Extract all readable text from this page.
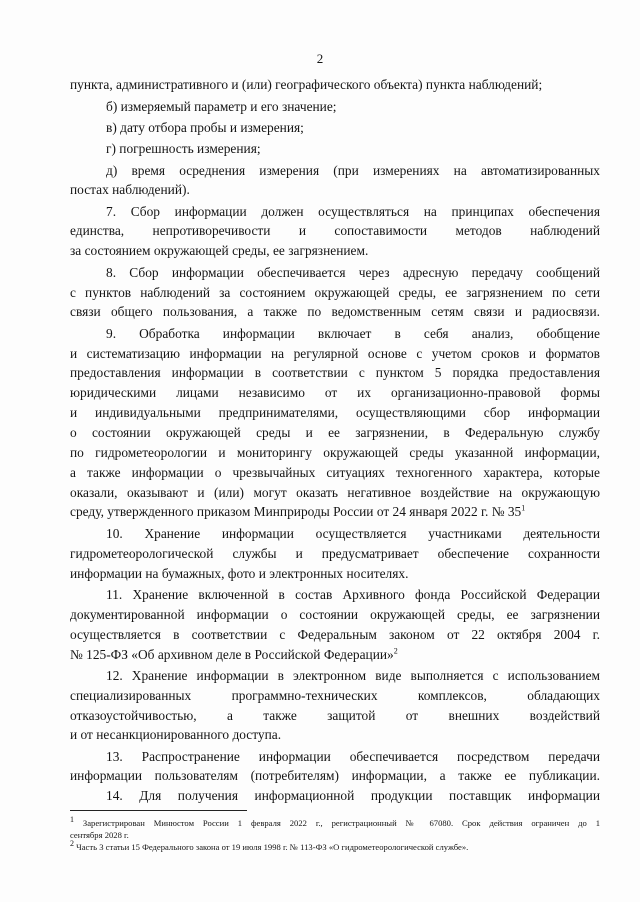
2
пункта, административного и (или) географического объекта) пункта наблюдений;
б) измеряемый параметр и его значение;
в) дату отбора пробы и измерения;
г) погрешность измерения;
д) время осреднения измерения (при измерениях на автоматизированных
постах наблюдений).
7. Сбор информации должен осуществляться на принципах обеспечения
единства, непротиворечивости и сопоставимости методов наблюдений
за состоянием окружающей среды, ее загрязнением.
8. Сбор информации обеспечивается через адресную передачу сообщений
с пунктов наблюдений за состоянием окружающей среды, ее загрязнением по сети
связи общего пользования, а также по ведомственным сетям связи и радиосвязи.
9. Обработка информации включает в себя анализ, обобщение
и систематизацию информации на регулярной основе с учетом сроков и форматов
предоставления информации в соответствии с пунктом 5 порядка предоставления
юридическими лицами независимо от их организационно-правовой формы
и индивидуальными предпринимателями, осуществляющими сбор информации
о состоянии окружающей среды и ее загрязнении, в Федеральную службу
по гидрометеорологии и мониторингу окружающей среды указанной информации,
а также информации о чрезвычайных ситуациях техногенного характера, которые
оказали, оказывают и (или) могут оказать негативное воздействие на окружающую
среду, утвержденного приказом Минприроды России от 24 января 2022 г. № $35^1$
10. Хранение информации осуществляется участниками деятельности
гидрометеорологической службы и предусматривает обеспечение сохранности
информации на бумажных, фото и электронных носителях.
11. Хранение включенной в состав Архивного фонда Российской Федерации
документированной информации о состоянии окружающей среды, ее загрязнении
осуществляется в соответствии с Федеральным законом от 22 октября 2004 г.
№ 125-ФЗ «Об архивном деле в Российской Федерации»$^2$
12. Хранение информации в электронном виде выполняется с использованием
специализированных программно-технических комплексов, обладающих
отказоустойчивостью, а также защитой от внешних воздействий
и от несанкционированного доступа.
13. Распространение информации обеспечивается посредством передачи
информации пользователям (потребителям) информации, а также ее публикации.
14. Для получения информационной продукции поставщик информации
$^1$ Зарегистрирован Минюстом России 1 февраля 2022 г., регистрационный № 67080. Срок действия ограничен до 1
сентября 2028 г.
$^2$ Часть 3 статьи 15 Федерального закона от 19 июля 1998 г. № 113-ФЗ «О гидрометеорологической службе».
